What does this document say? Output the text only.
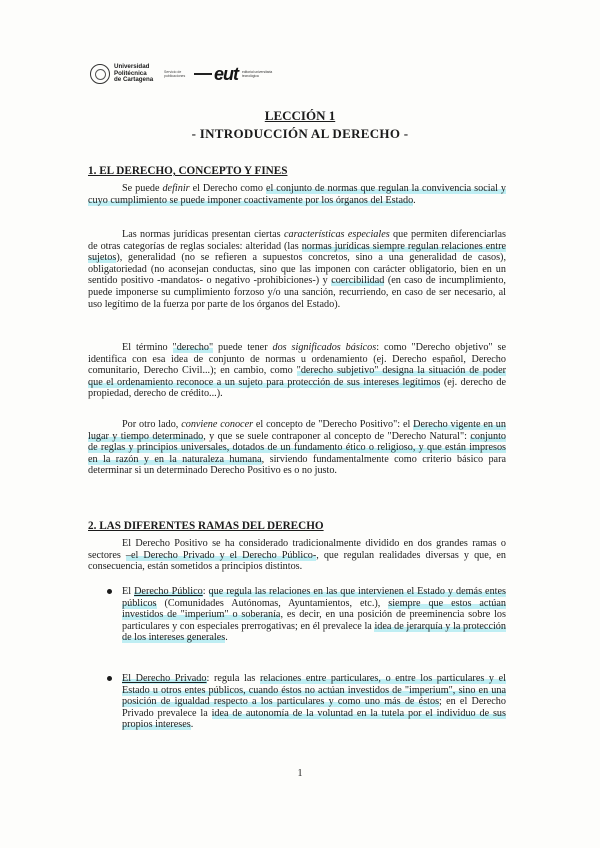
Universidad
Politécnica
de Cartagena
Servicio de publicaciones eut editorial universitaria tecnológica
LECCIÓN 1
- INTRODUCCIÓN AL DERECHO -
1. EL DERECHO, CONCEPTO Y FINES

Se puede definir el Derecho como el conjunto de normas que regulan la convivencia social y cuyo cumplimiento se puede imponer coactivamente por los órganos del Estado.

Las normas jurídicas presentan ciertas características especiales que permiten diferenciarlas de otras categorías de reglas sociales: alteridad (las normas jurídicas siempre regulan relaciones entre sujetos), generalidad (no se refieren a supuestos concretos, sino a una generalidad de casos), obligatoriedad (no aconsejan conductas, sino que las imponen con carácter obligatorio, bien en un sentido positivo -mandatos- o negativo -prohibiciones-) y coercibilidad (en caso de incumplimiento, puede imponerse su cumplimiento forzoso y/o una sanción, recurriendo, en caso de ser necesario, al uso legítimo de la fuerza por parte de los órganos del Estado).

El término "derecho" puede tener dos significados básicos: como "Derecho objetivo" se identifica con esa idea de conjunto de normas u ordenamiento (ej. Derecho español, Derecho comunitario, Derecho Civil...); en cambio, como "derecho subjetivo" designa la situación de poder que el ordenamiento reconoce a un sujeto para protección de sus intereses legítimos (ej. derecho de propiedad, derecho de crédito...).

Por otro lado, conviene conocer el concepto de "Derecho Positivo": el Derecho vigente en un lugar y tiempo determinado, y que se suele contraponer al concepto de "Derecho Natural": conjunto de reglas y principios universales, dotados de un fundamento ético o religioso, y que están impresos en la razón y en la naturaleza humana, sirviendo fundamentalmente como criterio básico para determinar si un determinado Derecho Positivo es o no justo.

2. LAS DIFERENTES RAMAS DEL DERECHO

El Derecho Positivo se ha considerado tradicionalmente dividido en dos grandes ramas o sectores –el Derecho Privado y el Derecho Público-, que regulan realidades diversas y que, en consecuencia, están sometidos a principios distintos.

El Derecho Público: que regula las relaciones en las que intervienen el Estado y demás entes públicos (Comunidades Autónomas, Ayuntamientos, etc.), siempre que estos actúan investidos de "imperium" o soberanía, es decir, en una posición de preeminencia sobre los particulares y con especiales prerrogativas; en él prevalece la idea de jerarquía y la protección de los intereses generales.
El Derecho Privado: regula las relaciones entre particulares, o entre los particulares y el Estado u otros entes públicos, cuando éstos no actúan investidos de "imperium", sino en una posición de igualdad respecto a los particulares y como uno más de éstos; en el Derecho Privado prevalece la idea de autonomía de la voluntad en la tutela por el individuo de sus propios intereses.
1
